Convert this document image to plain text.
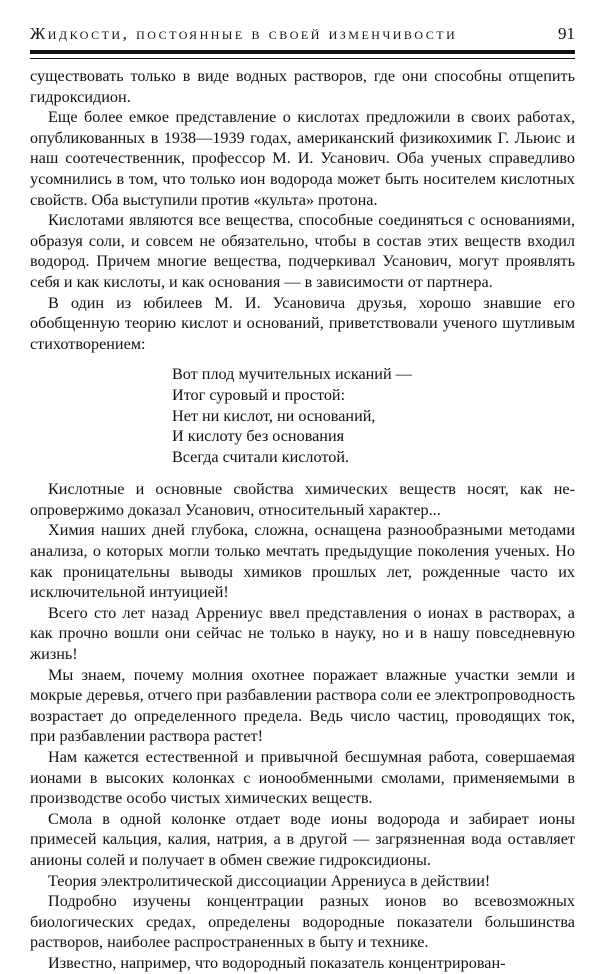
Жидкости, постоянные в своей изменчивости	91

существовать только в виде водных растворов, где они способны отщепить гидроксидион.

Еще более емкое представление о кислотах предложили в своих работах, опубликованных в 1938—1939 годах, американский физикохимик Г. Льюис и наш соотечественник, профессор М. И. Усанович. Оба ученых справедливо усомнились в том, что только ион водорода может быть носителем кислотных свойств. Оба выступили против «культа» протона.

Кислотами являются все вещества, способные соединяться с основаниями, образуя соли, и совсем не обязательно, чтобы в состав этих веществ входил водород. Причем многие вещества, подчеркивал Усанович, могут проявлять себя и как кислоты, и как основания — в зависимости от партнера.

В один из юбилеев М. И. Усановича друзья, хорошо знавшие его обобщенную теорию кислот и оснований, приветствовали ученого шутливым стихотворением:

Вот плод мучительных исканий —
Итог суровый и простой:
Нет ни кислот, ни оснований,
И кислоту без основания
Всегда считали кислотой.

Кислотные и основные свойства химических веществ носят, как неопровержимо доказал Усанович, относительный характер...

Химия наших дней глубока, сложна, оснащена разнообразными методами анализа, о которых могли только мечтать предыдущие поколения ученых. Но как проницательны выводы химиков прошлых лет, рожденные часто их исключительной интуицией!

Всего сто лет назад Аррениус ввел представления о ионах в растворах, а как прочно вошли они сейчас не только в науку, но и в нашу повседневную жизнь!

Мы знаем, почему молния охотнее поражает влажные участки земли и мокрые деревья, отчего при разбавлении раствора соли ее электропроводность возрастает до определенного предела. Ведь число частиц, проводящих ток, при разбавлении раствора растет!

Нам кажется естественной и привычной бесшумная работа, совершаемая ионами в высоких колонках с ионообменными смолами, применяемыми в производстве особо чистых химических веществ.

Смола в одной колонке отдает воде ионы водорода и забирает ионы примесей кальция, калия, натрия, а в другой — загрязненная вода оставляет анионы солей и получает в обмен свежие гидроксидионы.

Теория электролитической диссоциации Аррениуса в действии!

Подробно изучены концентрации разных ионов во всевозможных биологических средах, определены водородные показатели большинства растворов, наиболее распространенных в быту и технике.

Известно, например, что водородный показатель концентрирован-
